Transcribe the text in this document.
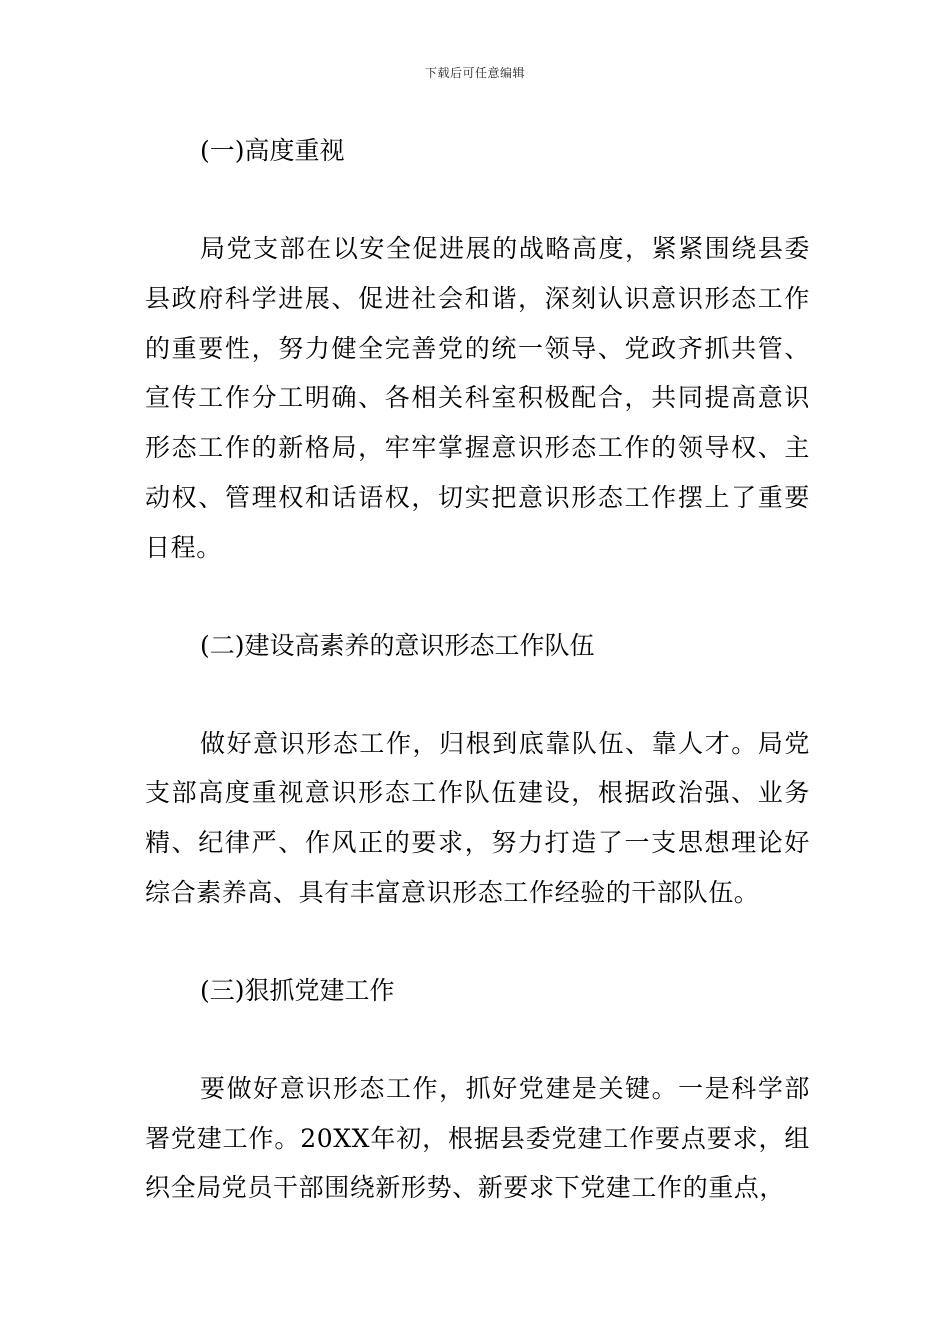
下载后可任意编辑
(一)高度重视

局党支部在以安全促进展的战略高度，紧紧围绕县委县政府科学进展、促进社会和谐，深刻认识意识形态工作的重要性，努力健全完善党的统一领导、党政齐抓共管、宣传工作分工明确、各相关科室积极配合，共同提高意识形态工作的新格局，牢牢掌握意识形态工作的领导权、主动权、管理权和话语权，切实把意识形态工作摆上了重要日程。

(二)建设高素养的意识形态工作队伍

做好意识形态工作，归根到底靠队伍、靠人才。局党支部高度重视意识形态工作队伍建设，根据政治强、业务精、纪律严、作风正的要求，努力打造了一支思想理论好综合素养高、具有丰富意识形态工作经验的干部队伍。

(三)狠抓党建工作

要做好意识形态工作，抓好党建是关键。一是科学部署党建工作。20XX年初，根据县委党建工作要点要求，组织全局党员干部围绕新形势、新要求下党建工作的重点，
